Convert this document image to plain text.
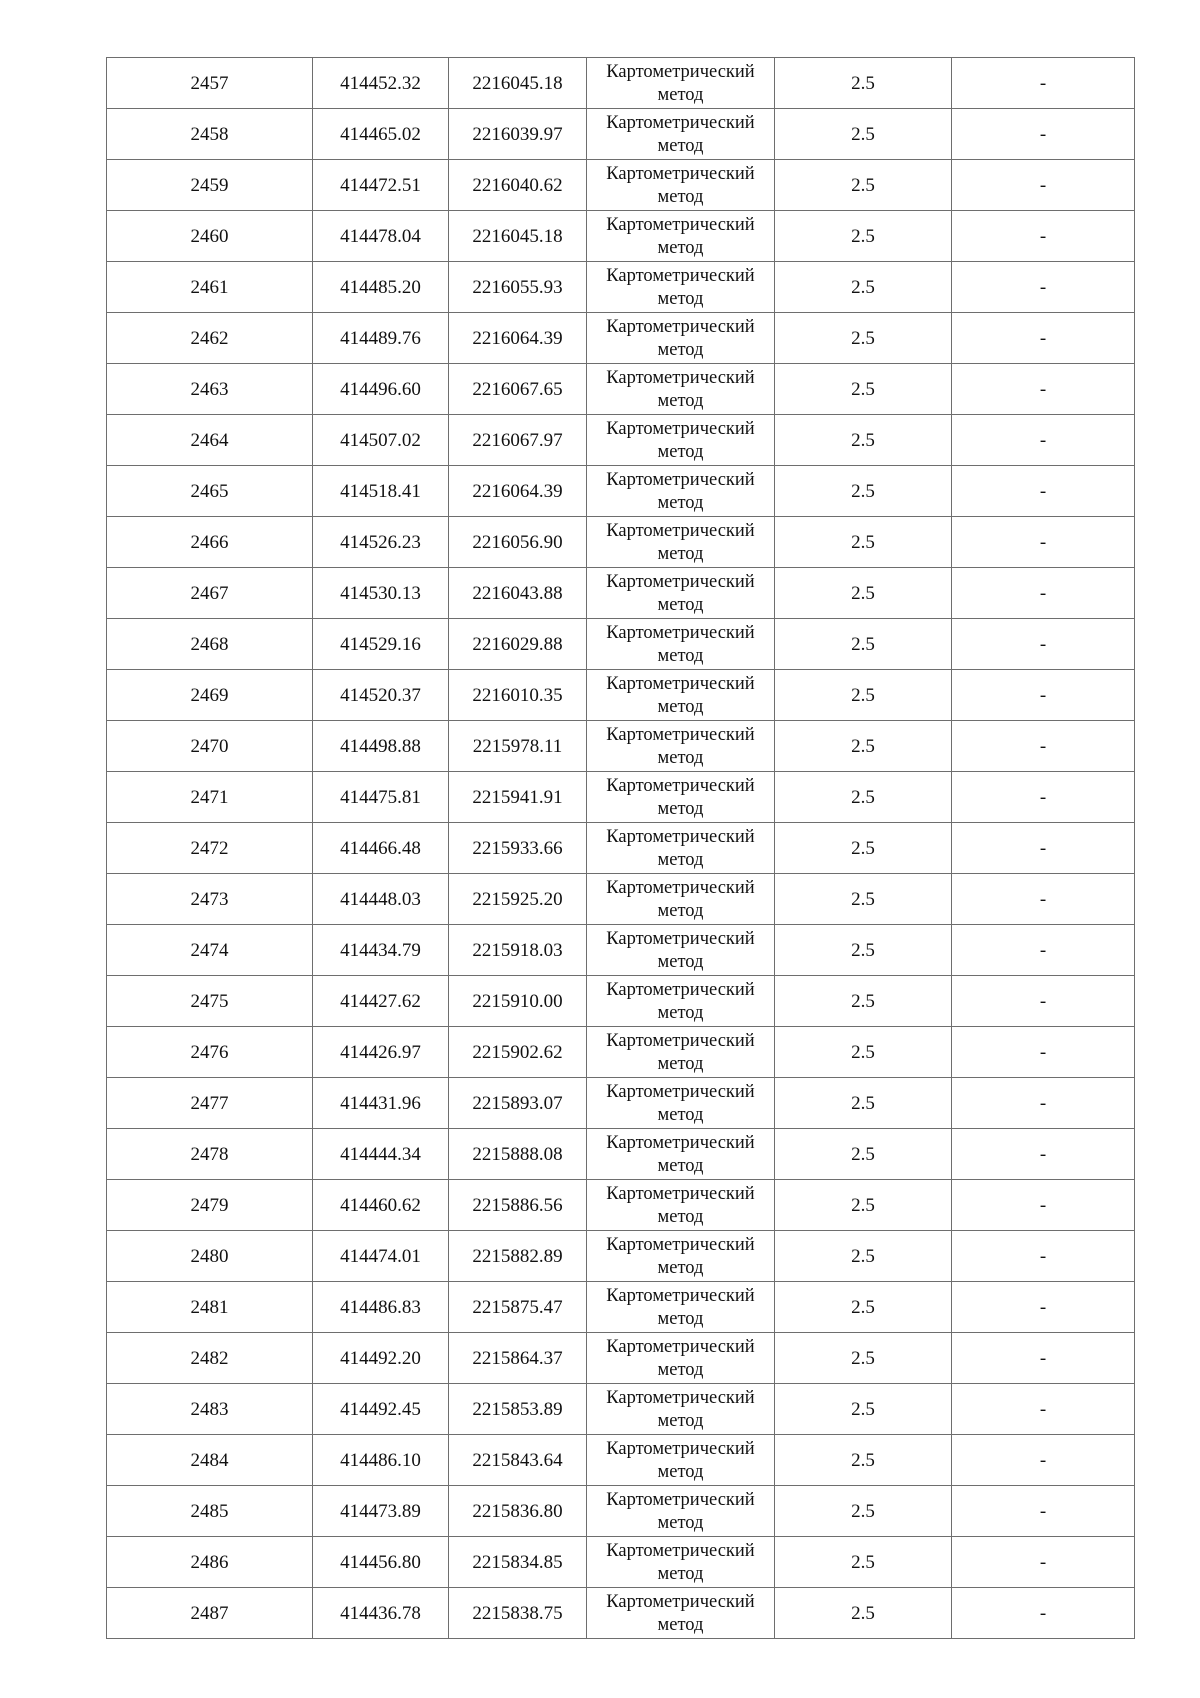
2457	414452.32	2216045.18	Картометрический
метод	2.5	-
2458	414465.02	2216039.97	Картометрический
метод	2.5	-
2459	414472.51	2216040.62	Картометрический
метод	2.5	-
2460	414478.04	2216045.18	Картометрический
метод	2.5	-
2461	414485.20	2216055.93	Картометрический
метод	2.5	-
2462	414489.76	2216064.39	Картометрический
метод	2.5	-
2463	414496.60	2216067.65	Картометрический
метод	2.5	-
2464	414507.02	2216067.97	Картометрический
метод	2.5	-
2465	414518.41	2216064.39	Картометрический
метод	2.5	-
2466	414526.23	2216056.90	Картометрический
метод	2.5	-
2467	414530.13	2216043.88	Картометрический
метод	2.5	-
2468	414529.16	2216029.88	Картометрический
метод	2.5	-
2469	414520.37	2216010.35	Картометрический
метод	2.5	-
2470	414498.88	2215978.11	Картометрический
метод	2.5	-
2471	414475.81	2215941.91	Картометрический
метод	2.5	-
2472	414466.48	2215933.66	Картометрический
метод	2.5	-
2473	414448.03	2215925.20	Картометрический
метод	2.5	-
2474	414434.79	2215918.03	Картометрический
метод	2.5	-
2475	414427.62	2215910.00	Картометрический
метод	2.5	-
2476	414426.97	2215902.62	Картометрический
метод	2.5	-
2477	414431.96	2215893.07	Картометрический
метод	2.5	-
2478	414444.34	2215888.08	Картометрический
метод	2.5	-
2479	414460.62	2215886.56	Картометрический
метод	2.5	-
2480	414474.01	2215882.89	Картометрический
метод	2.5	-
2481	414486.83	2215875.47	Картометрический
метод	2.5	-
2482	414492.20	2215864.37	Картометрический
метод	2.5	-
2483	414492.45	2215853.89	Картометрический
метод	2.5	-
2484	414486.10	2215843.64	Картометрический
метод	2.5	-
2485	414473.89	2215836.80	Картометрический
метод	2.5	-
2486	414456.80	2215834.85	Картометрический
метод	2.5	-
2487	414436.78	2215838.75	Картометрический
метод	2.5	-
